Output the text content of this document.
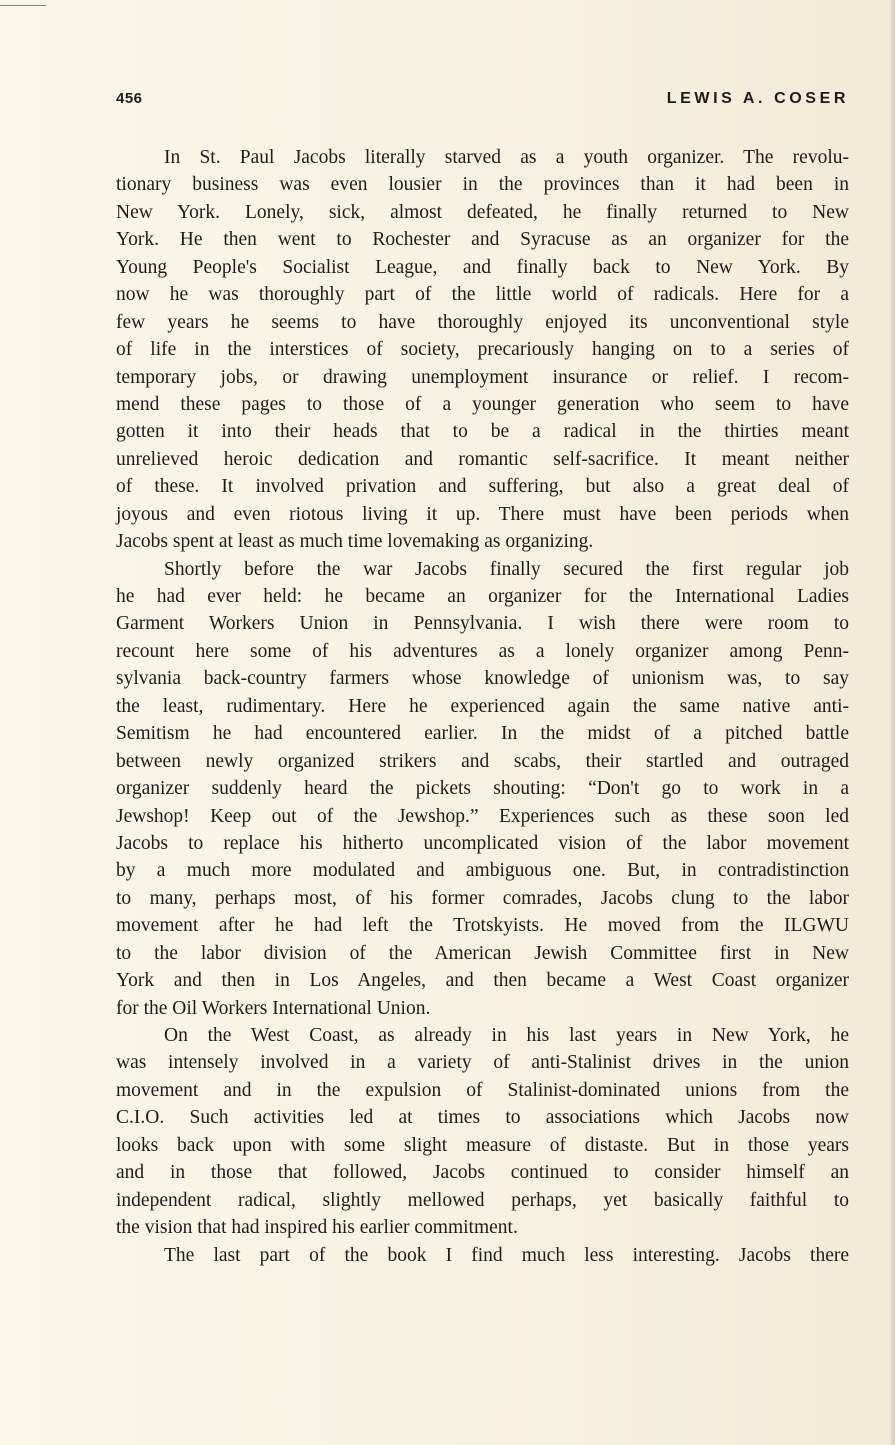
456	LEWIS A. COSER
In St. Paul Jacobs literally starved as a youth organizer. The revolu-
tionary business was even lousier in the provinces than it had been in
New York. Lonely, sick, almost defeated, he finally returned to New
York. He then went to Rochester and Syracuse as an organizer for the
Young People's Socialist League, and finally back to New York. By
now he was thoroughly part of the little world of radicals. Here for a
few years he seems to have thoroughly enjoyed its unconventional style
of life in the interstices of society, precariously hanging on to a series of
temporary jobs, or drawing unemployment insurance or relief. I recom-
mend these pages to those of a younger generation who seem to have
gotten it into their heads that to be a radical in the thirties meant
unrelieved heroic dedication and romantic self-sacrifice. It meant neither
of these. It involved privation and suffering, but also a great deal of
joyous and even riotous living it up. There must have been periods when
Jacobs spent at least as much time lovemaking as organizing.
Shortly before the war Jacobs finally secured the first regular job
he had ever held: he became an organizer for the International Ladies
Garment Workers Union in Pennsylvania. I wish there were room to
recount here some of his adventures as a lonely organizer among Penn-
sylvania back-country farmers whose knowledge of unionism was, to say
the least, rudimentary. Here he experienced again the same native anti-
Semitism he had encountered earlier. In the midst of a pitched battle
between newly organized strikers and scabs, their startled and outraged
organizer suddenly heard the pickets shouting: “Don't go to work in a
Jewshop! Keep out of the Jewshop.” Experiences such as these soon led
Jacobs to replace his hitherto uncomplicated vision of the labor movement
by a much more modulated and ambiguous one. But, in contradistinction
to many, perhaps most, of his former comrades, Jacobs clung to the labor
movement after he had left the Trotskyists. He moved from the ILGWU
to the labor division of the American Jewish Committee first in New
York and then in Los Angeles, and then became a West Coast organizer
for the Oil Workers International Union.
On the West Coast, as already in his last years in New York, he
was intensely involved in a variety of anti-Stalinist drives in the union
movement and in the expulsion of Stalinist-dominated unions from the
C.I.O. Such activities led at times to associations which Jacobs now
looks back upon with some slight measure of distaste. But in those years
and in those that followed, Jacobs continued to consider himself an
independent radical, slightly mellowed perhaps, yet basically faithful to
the vision that had inspired his earlier commitment.
The last part of the book I find much less interesting. Jacobs there
